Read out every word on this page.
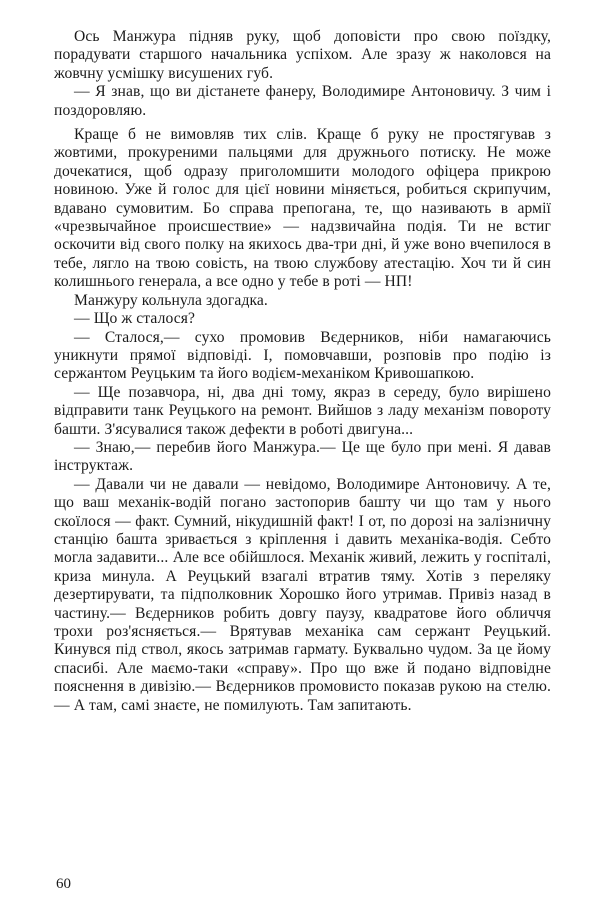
Ось Манжура підняв руку, щоб доповісти про свою поїздку, порадувати старшого начальника успіхом. Але зразу ж наколовся на жовчну усмішку висушених губ.

— Я знав, що ви дістанете фанеру, Володимире Антоновичу. З чим і поздоровляю.

Краще б не вимовляв тих слів. Краще б руку не простягував з жовтими, прокуреними пальцями для дружнього потиску. Не може дочекатися, щоб одразу приголомшити молодого офіцера прикрою новиною. Уже й голос для цієї новини міняється, робиться скрипучим, вдавано сумовитим. Бо справа препогана, те, що називають в армії «чрезвычайное происшествие» — надзвичайна подія. Ти не встиг оскочити від свого полку на якихось два-три дні, й уже воно вчепилося в тебе, лягло на твою совість, на твою службову атестацію. Хоч ти й син колишнього генерала, а все одно у тебе в роті — НП!

Манжуру кольнула здогадка.

— Що ж сталося?

— Сталося,— сухо промовив Вєдерников, ніби намагаючись уникнути прямої відповіді. І, помовчавши, розповів про подію із сержантом Реуцьким та його водієм-механіком Кривошапкою.

— Ще позавчора, ні, два дні тому, якраз в середу, було вирішено відправити танк Реуцького на ремонт. Вийшов з ладу механізм повороту башти. З'ясувалися також дефекти в роботі двигуна...

— Знаю,— перебив його Манжура.— Це ще було при мені. Я давав інструктаж.

— Давали чи не давали — невідомо, Володимире Антоновичу. А те, що ваш механік-водій погано застопорив башту чи що там у нього скоїлося — факт. Сумний, нікудишній факт! І от, по дорозі на залізничну станцію башта зривається з кріплення і давить механіка-водія. Себто могла задавити... Але все обійшлося. Механік живий, лежить у госпіталі, криза минула. А Реуцький взагалі втратив тяму. Хотів з переляку дезертирувати, та підполковник Хорошко його утримав. Привіз назад в частину.— Вєдерников робить довгу паузу, квадратове його обличчя трохи роз'ясняється.— Врятував механіка сам сержант Реуцький. Кинувся під ствол, якось затримав гармату. Буквально чудом. За це йому спасибі. Але маємо-таки «справу». Про що вже й подано відповідне пояснення в дивізію.— Вєдерников промовисто показав рукою на стелю.— А там, самі знаєте, не помилують. Там запитають.

60
